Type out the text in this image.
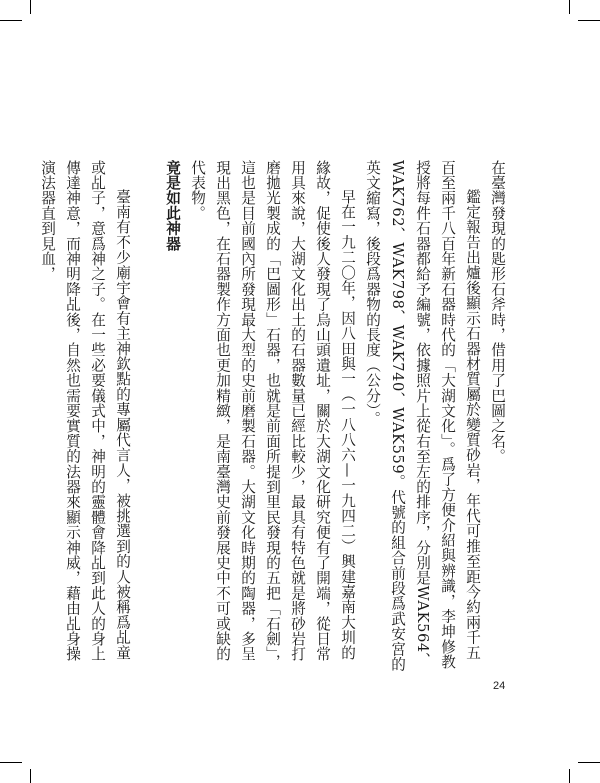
在臺灣發現的匙形石斧時，借用了巴圖之名。

鑑定報告出爐後顯示石器材質屬於變質砂岩，年代可推至距今約兩千五百至兩千八百年新石器時代的「大湖文化」。爲了方便介紹與辨識，李坤修教授將每件石器都給予編號，依據照片上從右至左的排序，分別是WAK564、WAK762、WAK798、WAK740、WAK559。代號的組合前段爲武安宮的英文縮寫，後段爲器物的長度（公分）。

早在一九二〇年，因八田與一（一八八六—一九四二）興建嘉南大圳的緣故，促使後人發現了烏山頭遺址，關於大湖文化研究便有了開端，從日常用具來說，大湖文化出土的石器數量已經比較少，最具有特色就是將砂岩打磨拋光製成的「巴圖形」石器，也就是前面所提到里民發現的五把「石劍」，這也是目前國內所發現最大型的史前磨製石器。大湖文化時期的陶器，多呈現出黑色，在石器製作方面也更加精緻，是南臺灣史前發展史中不可或缺的代表物。

竟是如此神器

臺南有不少廟宇會有主神欽點的專屬代言人，被挑選到的人被稱爲乩童或乩子，意爲神之子。在一些必要儀式中，神明的靈體會降乩到此人的身上傳達神意，而神明降乩後，自然也需要實質的法器來顯示神威，藉由乩身操演法器直到見血，

24
